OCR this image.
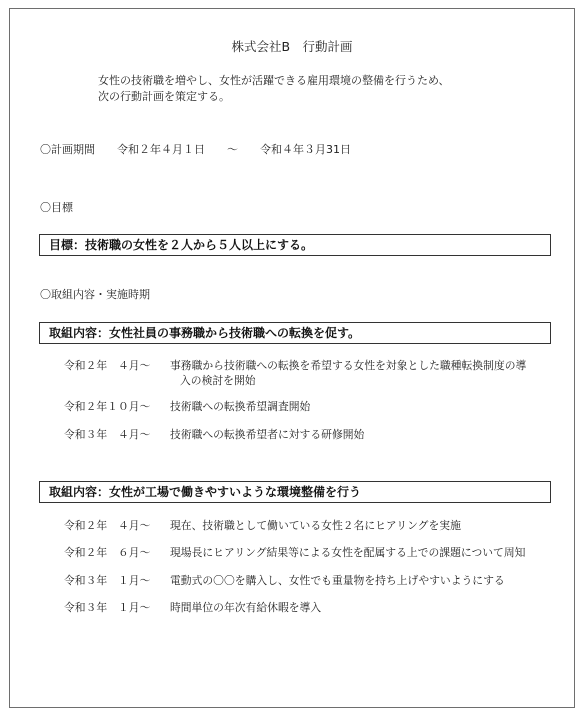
株式会社B　行動計画
女性の技術職を増やし、女性が活躍できる雇用環境の整備を行うため、
次の行動計画を策定する。
〇計画期間　　令和２年４月１日　　～　　令和４年３月31日
〇目標
目標：技術職の女性を２人から５人以上にする。
〇取組内容・実施時期
取組内容：女性社員の事務職から技術職への転換を促す。
令和２年　４月～ 事務職から技術職への転換を希望する女性を対象とした職種転換制度の導
入の検討を開始
令和２年１０月～ 技術職への転換希望調査開始
令和３年　４月～ 技術職への転換希望者に対する研修開始
取組内容：女性が工場で働きやすいような環境整備を行う
令和２年　４月～ 現在、技術職として働いている女性２名にヒアリングを実施
令和２年　６月～ 現場長にヒアリング結果等による女性を配属する上での課題について周知
令和３年　１月～ 電動式の〇〇を購入し、女性でも重量物を持ち上げやすいようにする
令和３年　１月～ 時間単位の年次有給休暇を導入
